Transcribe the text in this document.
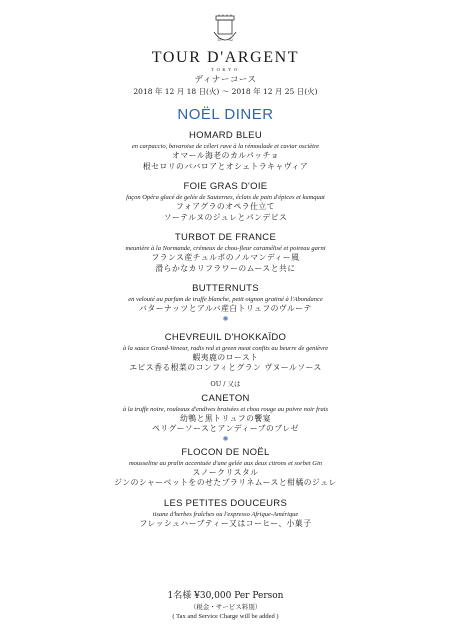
15 82
TOUR D'ARGENT
TOKYO
ディナーコース
2018 年 12 月 18 日(火) ～ 2018 年 12 月 25 日(火)
NOËL DINER
HOMARD BLEU
en carpaccio, bavaroise de céleri rave à la rémoulade et caviar osciètre
オマール海老のカルパッチョ
根セロリのババロアとオシェトラキャヴィア
FOIE GRAS D'OIE
façon Opéra glacé de gelée de Sauternes, éclats de pain d'épices et kumquat
フォアグラのオペラ仕立て
ソーテルヌのジュレとパンデピス
TURBOT DE FRANCE
meunière à la Normande, crémeux de chou-fleur caramélisé et poireau garni
フランス産チュルボのノルマンディー風
滑らかなカリフラワーのムースと共に
BUTTERNUTS
en velouté au parfum de truffe blanche, petit oignon gratiné à l'Abondance
バターナッツとアルバ産白トリュフのヴルーテ
❅
CHEVREUIL D'HOKKAÏDO
à la sauce Grand-Veneur, radis red et green meat confits au beurre de genièvre
蝦夷鹿のロースト
エピス香る根菜のコンフィとグラン ヴヌールソース
OU / 又は
CANETON
à la truffe noire, rouleaux d'endives braisées et chou rouge au poivre noir frais
幼鴨と黒トリュフの饗宴
ペリグーソースとアンディーブのブレゼ
❅
FLOCON DE NOËL
mousseline au pralin accentuée d'une gelée aux deux citrons et sorbet Gin
スノークリスタル
ジンのシャーベットをのせたプラリネムースと柑橘のジュレ
LES PETITES DOUCEURS
tisane d'herbes fraîches ou l'expresso Afrique-Amérique
フレッシュハーブティー又はコーヒー、小菓子
1名様 ¥30,000 Per Person
（税金・サービス料別）
( Tax and Service Charge will be added )
